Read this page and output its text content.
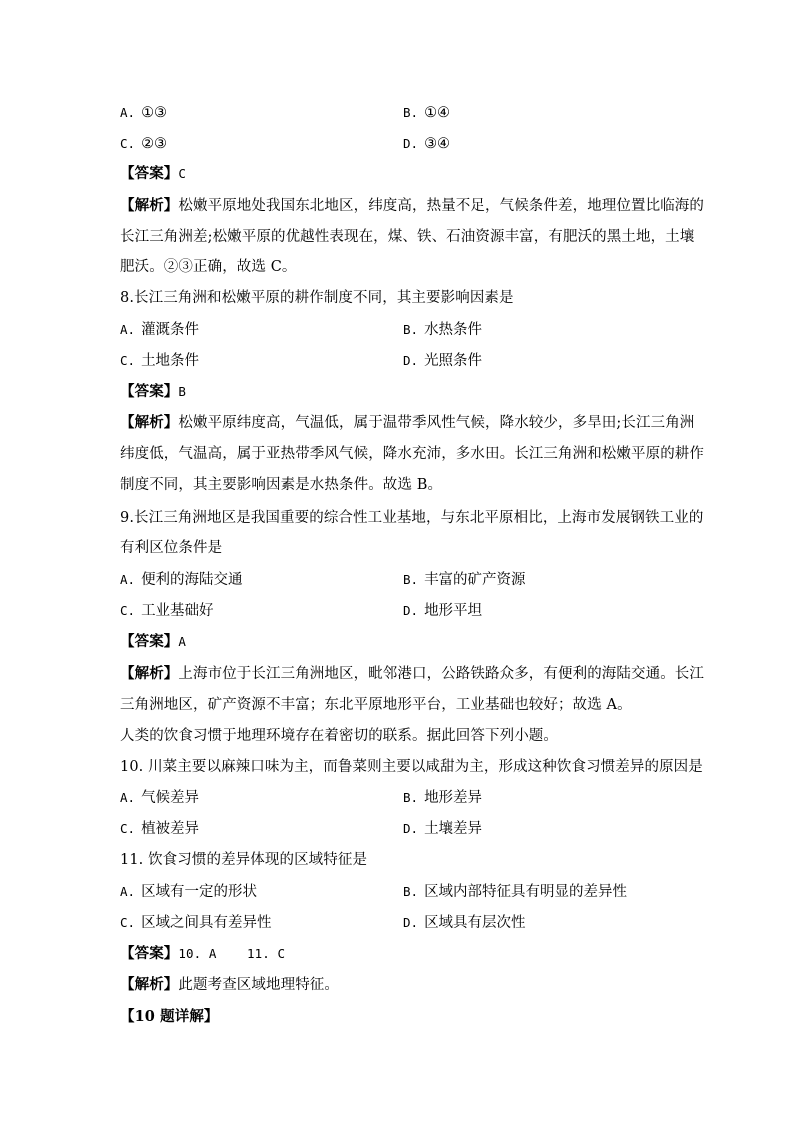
A. ①③	B. ①④
C. ②③	D. ③④
【答案】C
【解析】松嫩平原地处我国东北地区，纬度高，热量不足，气候条件差，地理位置比临海的
长江三角洲差;松嫩平原的优越性表现在，煤、铁、石油资源丰富，有肥沃的黑土地，土壤
肥沃。②③正确，故选 C。
8.长江三角洲和松嫩平原的耕作制度不同，其主要影响因素是
A. 灌溉条件	B. 水热条件
C. 土地条件	D. 光照条件
【答案】B
【解析】松嫩平原纬度高，气温低，属于温带季风性气候，降水较少，多旱田;长江三角洲
纬度低，气温高，属于亚热带季风气候，降水充沛，多水田。长江三角洲和松嫩平原的耕作
制度不同，其主要影响因素是水热条件。故选 B。
9.长江三角洲地区是我国重要的综合性工业基地，与东北平原相比，上海市发展钢铁工业的
有利区位条件是
A. 便利的海陆交通	B. 丰富的矿产资源
C. 工业基础好	D. 地形平坦
【答案】A
【解析】上海市位于长江三角洲地区，毗邻港口，公路铁路众多，有便利的海陆交通。长江
三角洲地区，矿产资源不丰富；东北平原地形平台，工业基础也较好；故选 A。
人类的饮食习惯于地理环境存在着密切的联系。据此回答下列小题。
10. 川菜主要以麻辣口味为主，而鲁菜则主要以咸甜为主，形成这种饮食习惯差异的原因是
A. 气候差异	B. 地形差异
C. 植被差异	D. 土壤差异
11. 饮食习惯的差异体现的区域特征是
A. 区域有一定的形状	B. 区域内部特征具有明显的差异性
C. 区域之间具有差异性	D. 区域具有层次性
【答案】10. A    11. C
【解析】此题考查区域地理特征。
【10 题详解】
